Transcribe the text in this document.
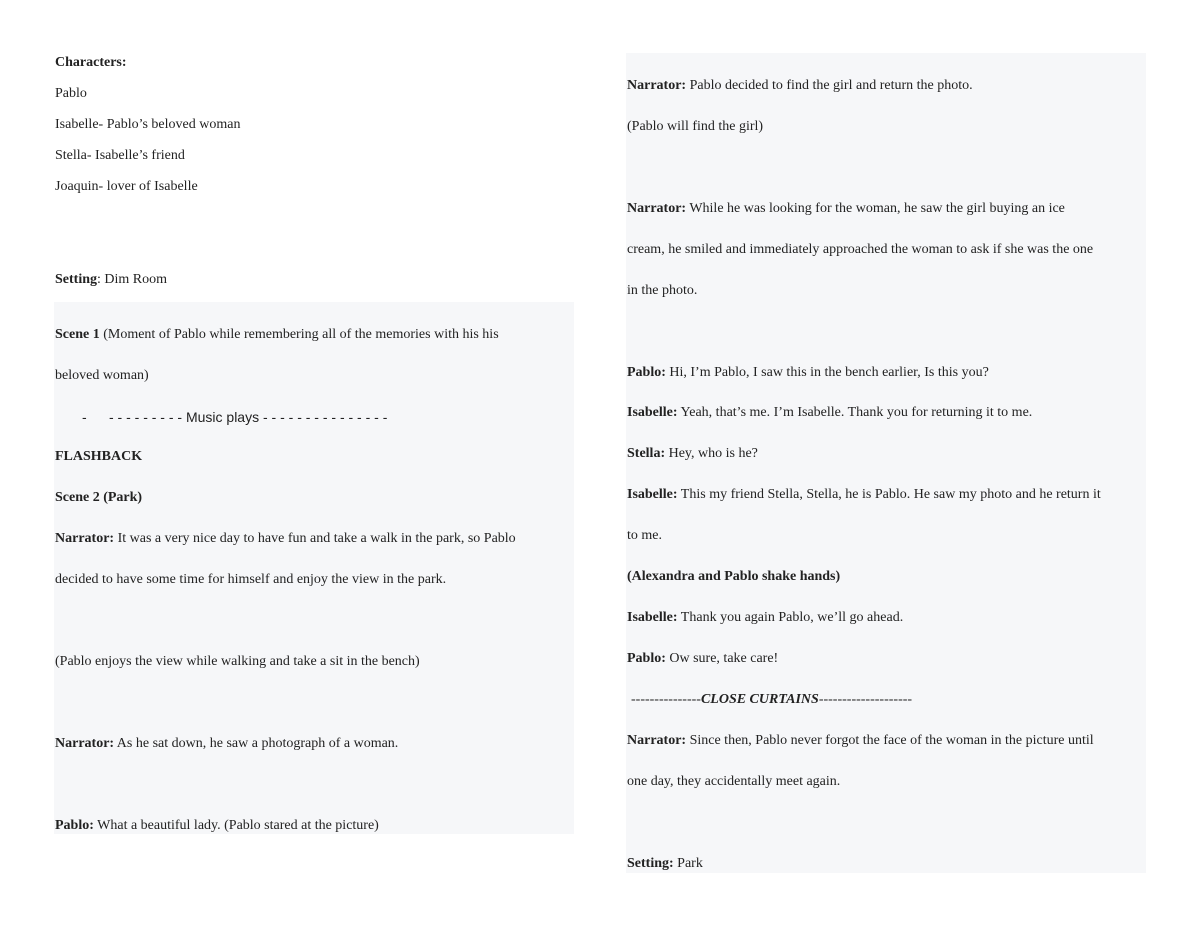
Characters:
Pablo
Isabelle- Pablo’s beloved woman
Stella- Isabelle’s friend
Joaquin- lover of Isabelle
Setting: Dim Room
Scene 1 (Moment of Pablo while remembering all of the memories with his his
beloved woman)
- - - - - - - - - - Music plays - - - - - - - - - - - - - - -
FLASHBACK
Scene 2 (Park)
Narrator: It was a very nice day to have fun and take a walk in the park, so Pablo
decided to have some time for himself and enjoy the view in the park.
(Pablo enjoys the view while walking and take a sit in the bench)
Narrator: As he sat down, he saw a photograph of a woman.
Pablo: What a beautiful lady. (Pablo stared at the picture)
Narrator: Pablo decided to find the girl and return the photo.
(Pablo will find the girl)
Narrator: While he was looking for the woman, he saw the girl buying an ice
cream, he smiled and immediately approached the woman to ask if she was the one
in the photo.
Pablo: Hi, I’m Pablo, I saw this in the bench earlier, Is this you?
Isabelle: Yeah, that’s me. I’m Isabelle. Thank you for returning it to me.
Stella: Hey, who is he?
Isabelle: This my friend Stella, Stella, he is Pablo. He saw my photo and he return it
to me.
(Alexandra and Pablo shake hands)
Isabelle: Thank you again Pablo, we’ll go ahead.
Pablo: Ow sure, take care!
---------------CLOSE CURTAINS--------------------
Narrator: Since then, Pablo never forgot the face of the woman in the picture until
one day, they accidentally meet again.
Setting: Park
